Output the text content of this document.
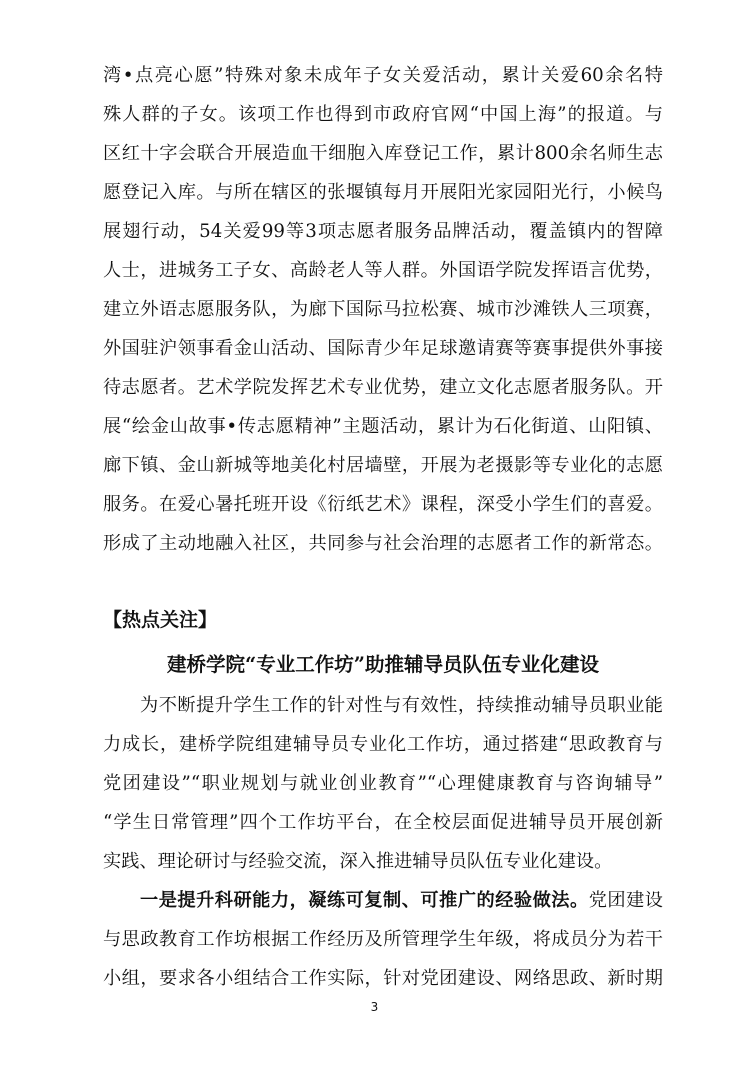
湾•点亮心愿”特殊对象未成年子女关爱活动，累计关爱60余名特
殊人群的子女。该项工作也得到市政府官网“中国上海”的报道。与
区红十字会联合开展造血干细胞入库登记工作，累计800余名师生志
愿登记入库。与所在辖区的张堰镇每月开展阳光家园阳光行，小候鸟
展翅行动，54关爱99等3项志愿者服务品牌活动，覆盖镇内的智障
人士，进城务工子女、高龄老人等人群。外国语学院发挥语言优势，
建立外语志愿服务队，为廊下国际马拉松赛、城市沙滩铁人三项赛，
外国驻沪领事看金山活动、国际青少年足球邀请赛等赛事提供外事接
待志愿者。艺术学院发挥艺术专业优势，建立文化志愿者服务队。开
展“绘金山故事•传志愿精神”主题活动，累计为石化街道、山阳镇、
廊下镇、金山新城等地美化村居墙壁，开展为老摄影等专业化的志愿
服务。在爱心暑托班开设《衍纸艺术》课程，深受小学生们的喜爱。
形成了主动地融入社区，共同参与社会治理的志愿者工作的新常态。
【热点关注】
建桥学院“专业工作坊”助推辅导员队伍专业化建设
为不断提升学生工作的针对性与有效性，持续推动辅导员职业能
力成长，建桥学院组建辅导员专业化工作坊，通过搭建“思政教育与
党团建设”“职业规划与就业创业教育”“心理健康教育与咨询辅导”
“学生日常管理”四个工作坊平台，在全校层面促进辅导员开展创新
实践、理论研讨与经验交流，深入推进辅导员队伍专业化建设。
一是提升科研能力，凝练可复制、可推广的经验做法。党团建设
与思政教育工作坊根据工作经历及所管理学生年级，将成员分为若干
小组，要求各小组结合工作实际，针对党团建设、网络思政、新时期
3
